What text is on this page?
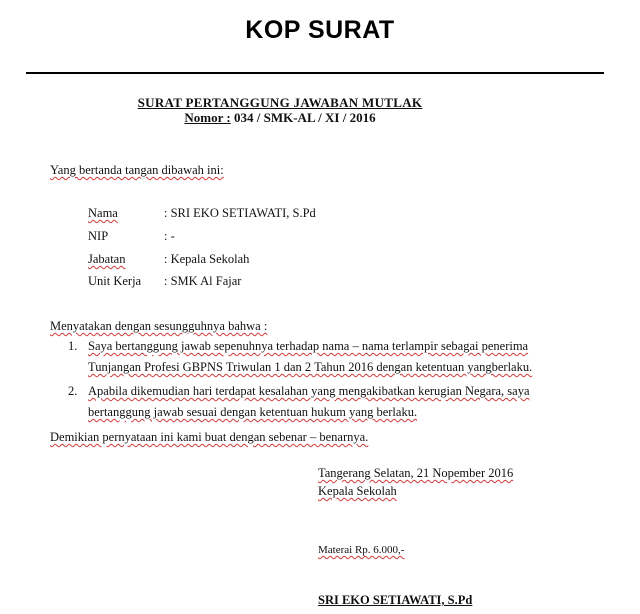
KOP SURAT
SURAT PERTANGGUNG JAWABAN MUTLAK
Nomor : 034 / SMK-AL / XI / 2016
Yang bertanda tangan dibawah ini:
Nama	: SRI EKO SETIAWATI, S.Pd
NIP	: -
Jabatan	: Kepala Sekolah
Unit Kerja : SMK Al Fajar
Menyatakan dengan sesungguhnya bahwa :
1. Saya bertanggung jawab sepenuhnya terhadap nama – nama terlampir sebagai penerima
Tunjangan Profesi GBPNS Triwulan 1 dan 2 Tahun 2016 dengan ketentuan yangberlaku.
2. Apabila dikemudian hari terdapat kesalahan yang mengakibatkan kerugian Negara, saya
bertanggung jawab sesuai dengan ketentuan hukum yang berlaku.
Demikian pernyataan ini kami buat dengan sebenar – benarnya.
Tangerang Selatan, 21 Nopember 2016
Kepala Sekolah
Materai Rp. 6.000,-
SRI EKO SETIAWATI, S.Pd
